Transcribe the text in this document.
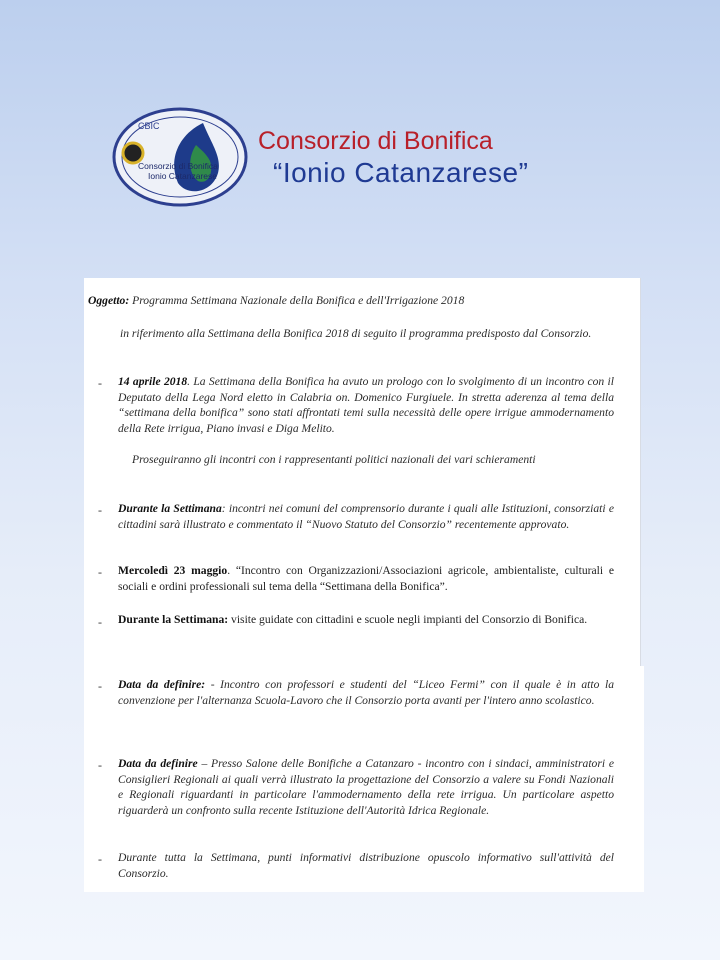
CBIC
Consorzio di Bonifica
Ionio Catanzarese
Consorzio di Bonifica
“Ionio Catanzarese”
Oggetto: Programma Settimana Nazionale della Bonifica e dell'Irrigazione 2018
in riferimento alla Settimana della Bonifica 2018 di seguito il programma predisposto dal Consorzio.
- 14 aprile 2018. La Settimana della Bonifica ha avuto un prologo con lo svolgimento di un incontro con il Deputato della Lega Nord eletto in Calabria on. Domenico Furgiuele. In stretta aderenza al tema della “settimana della bonifica” sono stati affrontati temi sulla necessità delle opere irrigue ammodernamento della Rete irrigua, Piano invasi e Diga Melito.
Proseguiranno gli incontri con i rappresentanti politici nazionali dei vari schieramenti
- Durante la Settimana: incontri nei comuni del comprensorio durante i quali alle Istituzioni, consorziati e cittadini sarà illustrato e commentato il “Nuovo Statuto del Consorzio” recentemente approvato.
- Mercoledì 23 maggio. “Incontro con Organizzazioni/Associazioni agricole, ambientaliste, culturali e sociali e ordini professionali sul tema della “Settimana della Bonifica”.
- Durante la Settimana: visite guidate con cittadini e scuole negli impianti del Consorzio di Bonifica.
- Data da definire: - Incontro con professori e studenti del “Liceo Fermi” con il quale è in atto la convenzione per l'alternanza Scuola-Lavoro che il Consorzio porta avanti per l'intero anno scolastico.
- Data da definire – Presso Salone delle Bonifiche a Catanzaro - incontro con i sindaci, amministratori e Consiglieri Regionali ai quali verrà illustrato la progettazione del Consorzio a valere su Fondi Nazionali e Regionali riguardanti in particolare l'ammodernamento della rete irrigua. Un particolare aspetto riguarderà un confronto sulla recente Istituzione dell'Autorità Idrica Regionale.
- Durante tutta la Settimana, punti informativi distribuzione opuscolo informativo sull'attività del Consorzio.
